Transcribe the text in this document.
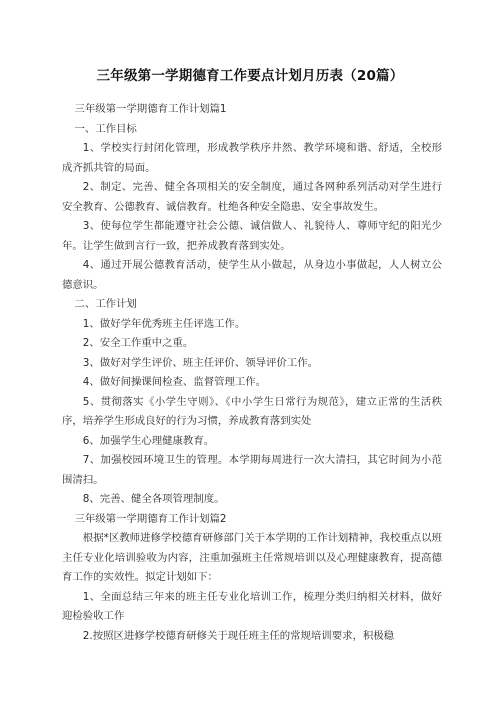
三年级第一学期德育工作要点计划月历表（20篇）

三年级第一学期德育工作计划篇1

一、工作目标

1、学校实行封闭化管理，形成教学秩序井然、教学环境和谐、舒适，全校形成齐抓共管的局面。

2、制定、完善、健全各项相关的安全制度，通过各网种系列活动对学生进行安全教育、公德教育、诚信教育。杜绝各种安全隐患、安全事故发生。

3、使每位学生都能遵守社会公德、诚信做人、礼貌待人、尊师守纪的阳光少年。让学生做到言行一致，把养成教育落到实处。

4、通过开展公德教育活动，使学生从小做起，从身边小事做起，人人树立公德意识。

二、工作计划

1、做好学年优秀班主任评选工作。

2、安全工作重中之重。

3、做好对学生评价、班主任评价、领导评价工作。

4、做好间操课间检查、监督管理工作。

5、贯彻落实《小学生守则》、《中小学生日常行为规范》，建立正常的生活秩序，培养学生形成良好的行为习惯，养成教育落到实处

6、加强学生心理健康教育。

7、加强校园环境卫生的管理。本学期每周进行一次大清扫，其它时间为小范围清扫。

8、完善、健全各项管理制度。

三年级第一学期德育工作计划篇2

根据*区教师进修学校德育研修部门关于本学期的工作计划精神，我校重点以班主任专业化培训验收为内容，注重加强班主任常规培训以及心理健康教育，提高德育工作的实效性。拟定计划如下：

1、全面总结三年来的班主任专业化培训工作，梳理分类归纳相关材料，做好迎检验收工作

2.按照区进修学校德育研修关于现任班主任的常规培训要求，积极稳
